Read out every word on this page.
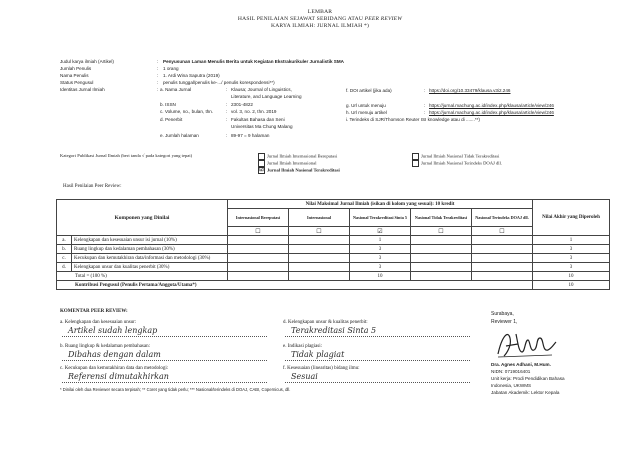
LEMBAR
HASIL PENILAIAN SEJAWAT SEBIDANG ATAU PEER REVIEW
KARYA ILMIAH: JURNAL ILMIAH *)
Judul karya ilmiah (Artikel)	: Penyusunan Laman Menulis Berita untuk Kegiatan Ekstrakurikuler Jurnalistik SMA
Jumlah Penulis	: 1 orang
Nama Penulis	: 1. Ardi Wina Saputra (2019)
Status Pengusul	: penulis tunggal/penulis ke-.../ penulis korespondensi**)
Identitas Jurnal Ilmiah	: a. Nama Jurnal	: Klausa; Journal of Linguistics,
Literature, and Language Learning
b. ISSN	: 2301-4822
c. Volume, no., bulan, thn.	: vol. 3, no. 2, thn. 2019
d. Penerbit	: Fakultas Bahasa dan Seni
Universitas Ma Chung Malang
e. Jumlah halaman	: 89-97 = 9 halaman
f. DOI artikel (jika ada)	: https://doi.org/10.33479/klausa.v3i2.246
g. Url untuk menuju	: https://jurnal.machung.ac.id/index.php/klausa/article/view/246
h. Url menuju artikel	: https://jurnal.machung.ac.id/index.php/klausa/article/view/246
i. Terindeks di SJR/Thomson Reuter ISI knowledge atau di .......**)
Kategori Publikasi Jurnal Ilmiah (beri tanda √ pada kategori yang tepat)	Jurnal Ilmiah Internasional Bereputasi
Jurnal Ilmiah Internasional
☑ Jurnal Ilmiah Nasional Terakreditasi
Jurnal Ilmiah Nasional Tidak Terakreditasi
Jurnal Ilmiah Nasional Terindeks DOAJ dll.
Hasil Penilaian Peer Review:
Komponen yang Dinilai		Nilai Maksimal Jurnal Ilmiah (isikan di kolom yang sesuai): 10 kredit					Nilai Akhir yang Diperoleh
		Internasional Bereputasi	Internasional	Nasional Terakreditasi Sinta 5	Nasional Tidak Terakreditasi	Nasional Terindeks DOAJ dll.	
		☐	☐	☑	☐	☐	
a.	Kelengkapan dan kesesuaian unsur isi jurnal (10%)			1			1
b.	Ruang lingkup dan kedalaman pembahasan (30%)			3			3
c.	Kecukupan dan kemutakhiran data/informasi dan metodologi (30%)			3			3
d.	Kelengkapan unsur dan kualitas penerbit (30%)			3			3
Total = (100 %)				10			10
Kontribusi Pengusul (Penulis Pertama/Anggota/Utama*)							10
KOMENTAR PEER REVIEW:
a. Kelengkapan dan kesesuaian unsur:
Artikel sudah lengkap
b. Ruang lingkup & kedalaman pembahasan:
Dibahas dengan dalam
c. Kecukupan dan kemutakhiran data dan metodologi:
Referensi dimutakhirkan
d. Kelengkapan unsur & kualitas penerbit:
Terakreditasi Sinta 5
e. Indikasi plagiasi:
Tidak plagiat
f. Kesesuaian (linearitas) bidang ilmu:
Sesuai
Surabaya,
Reviewer 1,
Dra. Agnes Adhani, M.Hum.
NIDN: 0719016401
Unit kerja: Prodi Pendidikan Bahasa
Indonesia, UKWMS
Jabatan Akademik: Lektor Kepala
* Dinilai oleh dua Reviewer secara terpisah; ** Coret yang tidak perlu; *** Nasional/terindeks di DOAJ, CABI, Copernicus, dll.
